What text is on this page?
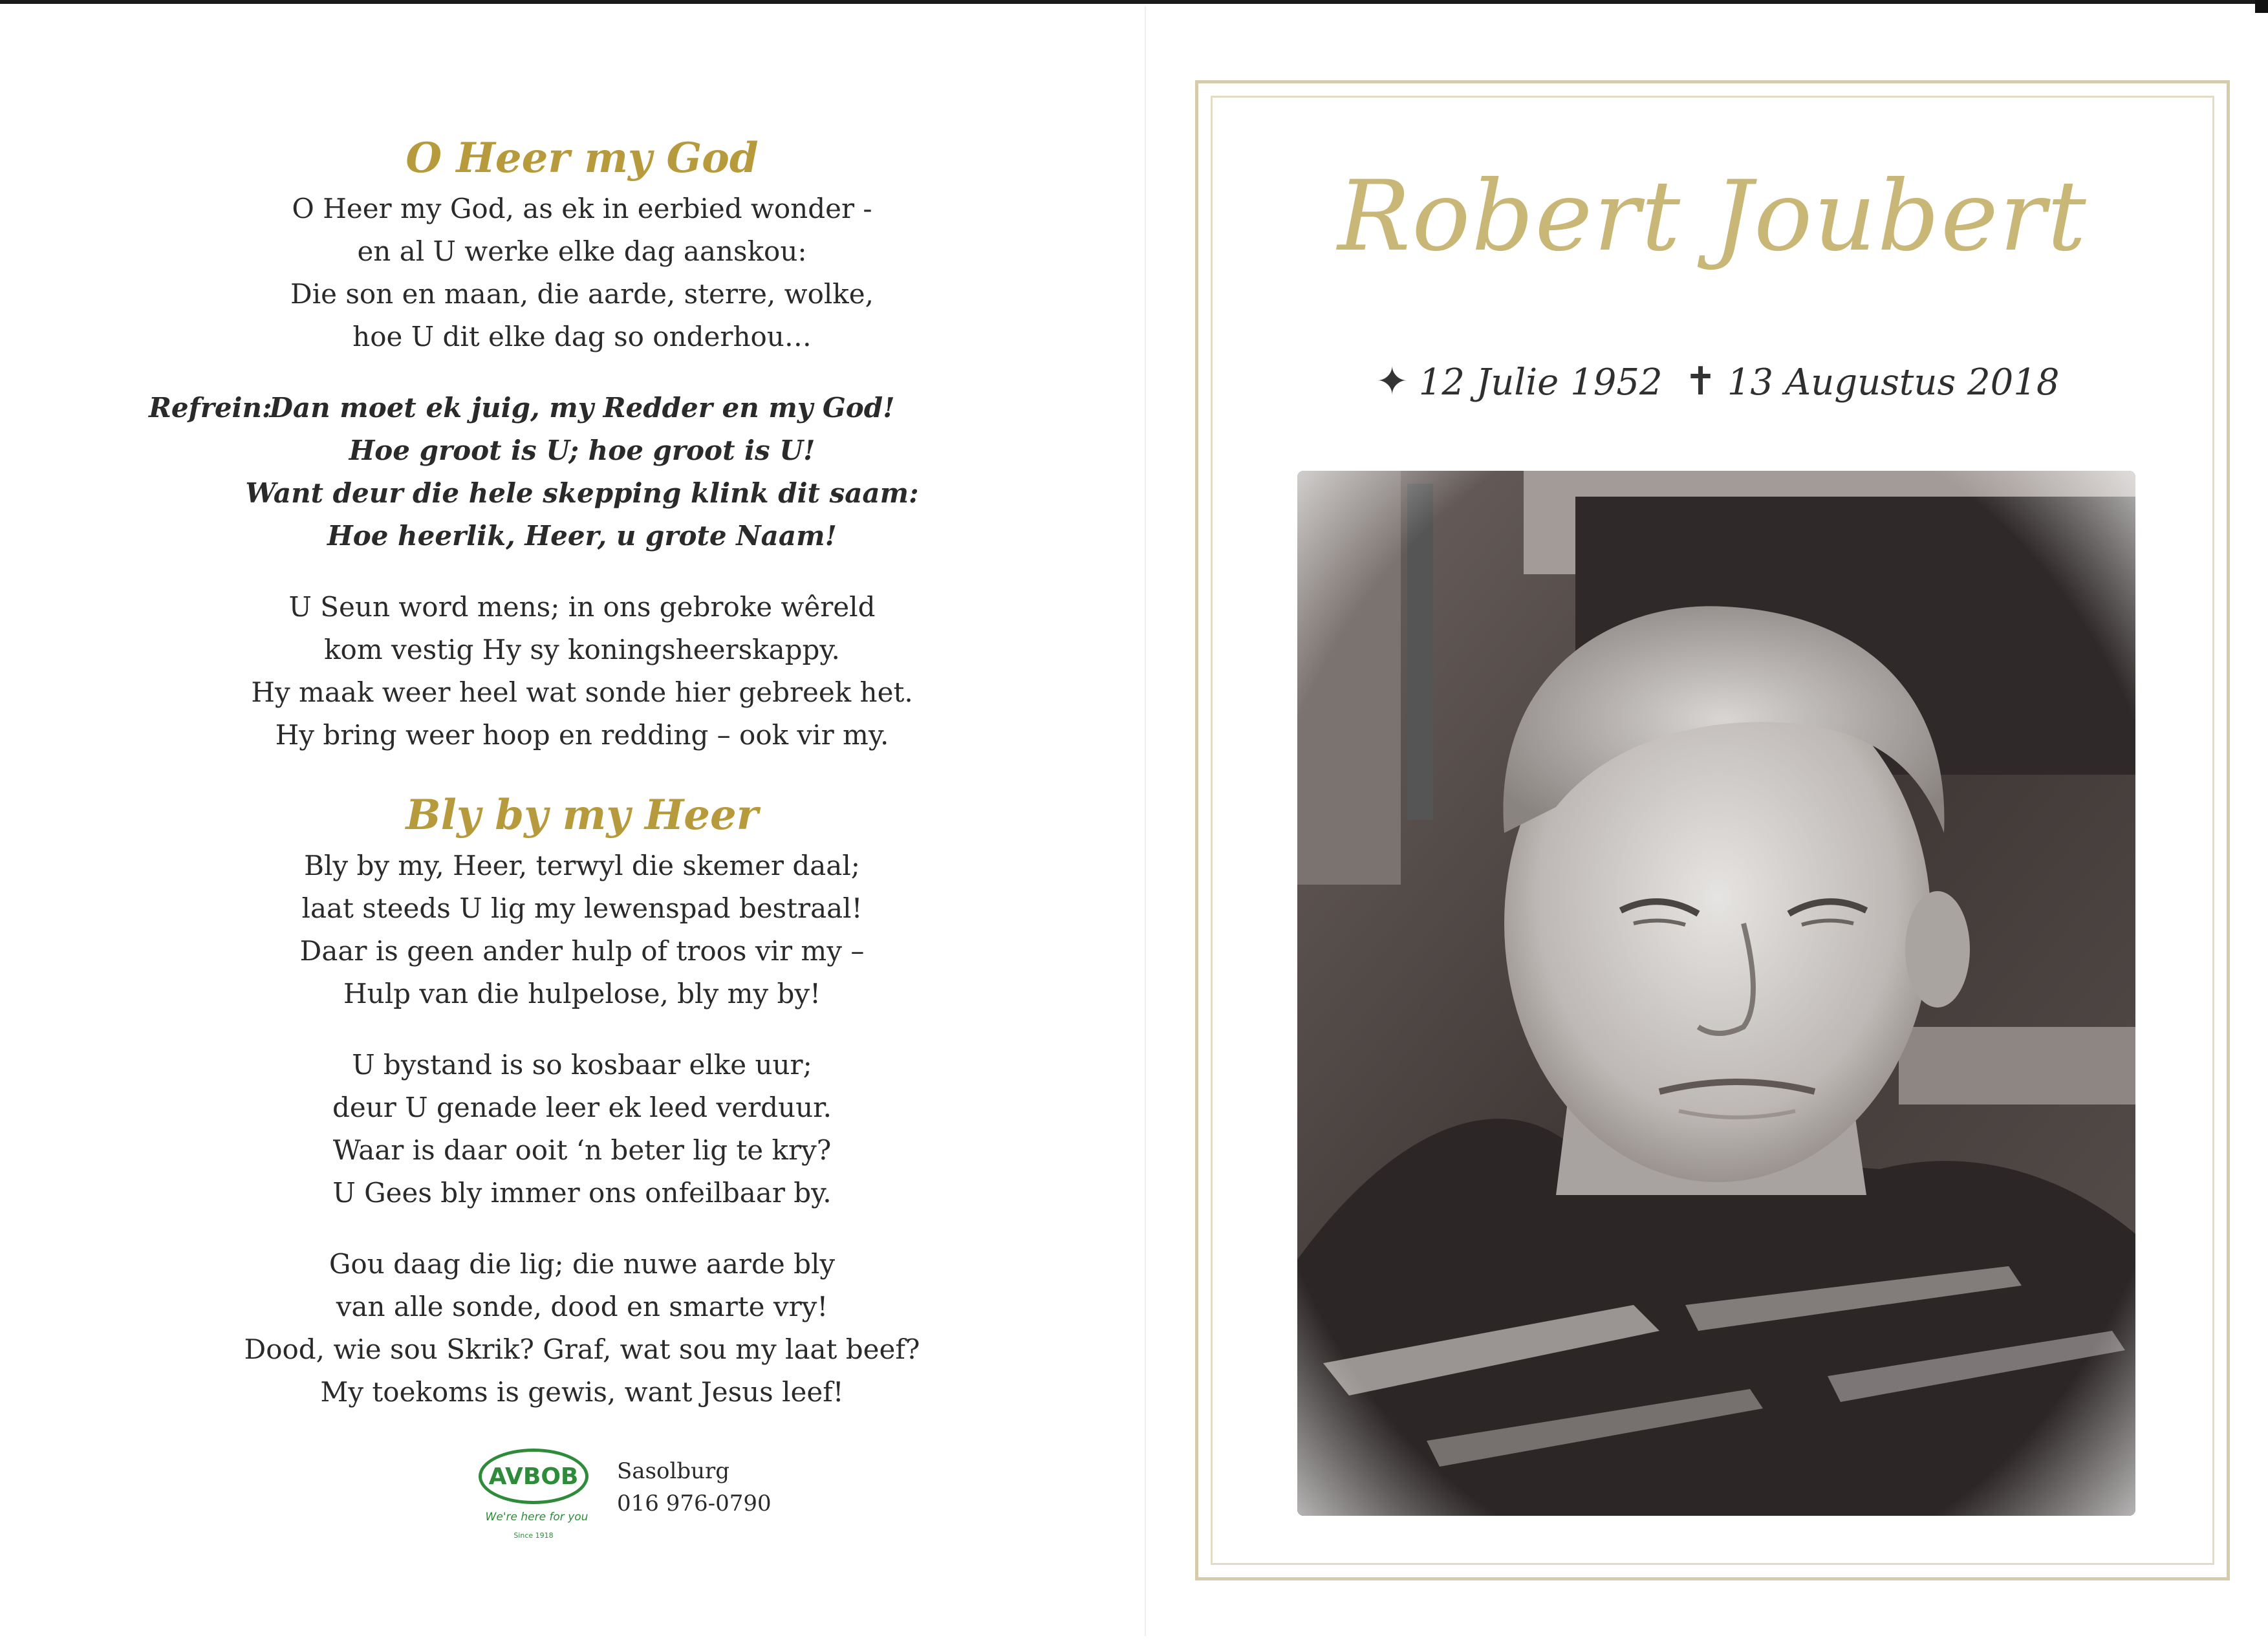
O Heer my God

O Heer my God, as ek in eerbied wonder -
en al U werke elke dag aanskou:
Die son en maan, die aarde, sterre, wolke,
hoe U dit elke dag so onderhou…

Refrein:

Dan moet ek juig, my Redder en my God!
Hoe groot is U; hoe groot is U!
Want deur die hele skepping klink dit saam:
Hoe heerlik, Heer, u grote Naam!

U Seun word mens; in ons gebroke wêreld
kom vestig Hy sy koningsheerskappy.
Hy maak weer heel wat sonde hier gebreek het.
Hy bring weer hoop en redding – ook vir my.

Bly by my Heer

Bly by my, Heer, terwyl die skemer daal;
laat steeds U lig my lewenspad bestraal!
Daar is geen ander hulp of troos vir my –
Hulp van die hulpelose, bly my by!

U bystand is so kosbaar elke uur;
deur U genade leer ek leed verduur.
Waar is daar ooit ‘n beter lig te kry?
U Gees bly immer ons onfeilbaar by.

Gou daag die lig; die nuwe aarde bly
van alle sonde, dood en smarte vry!
Dood, wie sou Skrik? Graf, wat sou my laat beef?
My toekoms is gewis, want Jesus leef!

AVBOB
We're here for you
Since 1918
Sasolburg
016 976-0790
Robert Joubert
✦ 12 Julie 1952 ✝ 13 Augustus 2018
